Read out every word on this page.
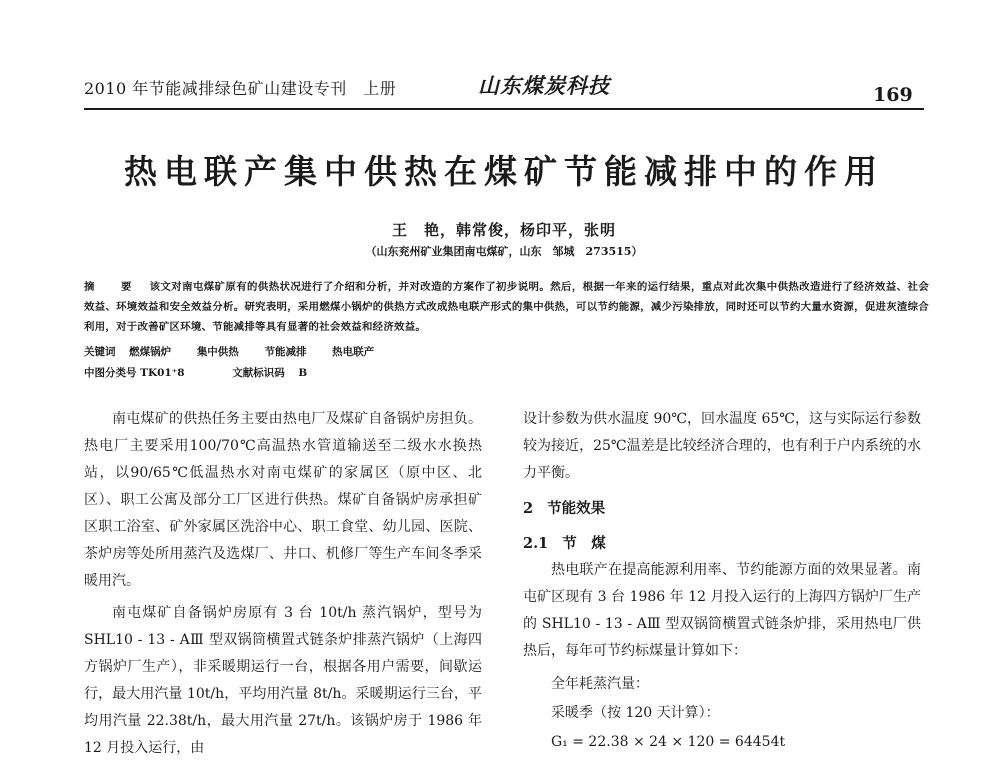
2010 年节能减排绿色矿山建设专刊　上册	山东煤炭科技	169
热电联产集中供热在煤矿节能减排中的作用
王　艳，韩常俊，杨印平，张明
（山东兖州矿业集团南屯煤矿，山东　邹城　273515）
摘　要 该文对南屯煤矿原有的供热状况进行了介绍和分析，并对改造的方案作了初步说明。然后，根据一年来的运行结果，重点对此次集中供热改造进行了经济效益、社会效益、环境效益和安全效益分析。研究表明，采用燃煤小锅炉的供热方式改成热电联产形式的集中供热，可以节约能源，减少污染排放，同时还可以节约大量水资源，促进灰渣综合利用，对于改善矿区环境、节能减排等具有显著的社会效益和经济效益。
关键词 燃煤锅炉 集中供热 节能减排 热电联产
中图分类号 TK01⁺8	文献标识码 B

南屯煤矿的供热任务主要由热电厂及煤矿自备锅炉房担负。热电厂主要采用100/70℃高温热水管道输送至二级水水换热站，以90/65℃低温热水对南屯煤矿的家属区（原中区、北区）、职工公寓及部分工厂区进行供热。煤矿自备锅炉房承担矿区职工浴室、矿外家属区洗浴中心、职工食堂、幼儿园、医院、茶炉房等处所用蒸汽及选煤厂、井口、机修厂等生产车间冬季采暖用汽。

南屯煤矿自备锅炉房原有 3 台 10t/h 蒸汽锅炉，型号为 SHL10 - 13 - AⅢ 型双锅筒横置式链条炉排蒸汽锅炉（上海四方锅炉厂生产），非采暖期运行一台，根据各用户需要，间歇运行，最大用汽量 10t/h，平均用汽量 8t/h。采暖期运行三台，平均用汽量 22.38t/h，最大用汽量 27t/h。该锅炉房于 1986 年 12 月投入运行，由

设计参数为供水温度 90℃，回水温度 65℃，这与实际运行参数较为接近，25℃温差是比较经济合理的，也有利于户内系统的水力平衡。

2 节能效果
2.1 节　煤

热电联产在提高能源利用率、节约能源方面的效果显著。南屯矿区现有 3 台 1986 年 12 月投入运行的上海四方锅炉厂生产的 SHL10 - 13 - AⅢ 型双锅筒横置式链条炉排，采用热电厂供热后，每年可节约标煤量计算如下：

全年耗蒸汽量：

采暖季（按 120 天计算）：

G₁ = 22.38 × 24 × 120 = 64454t
